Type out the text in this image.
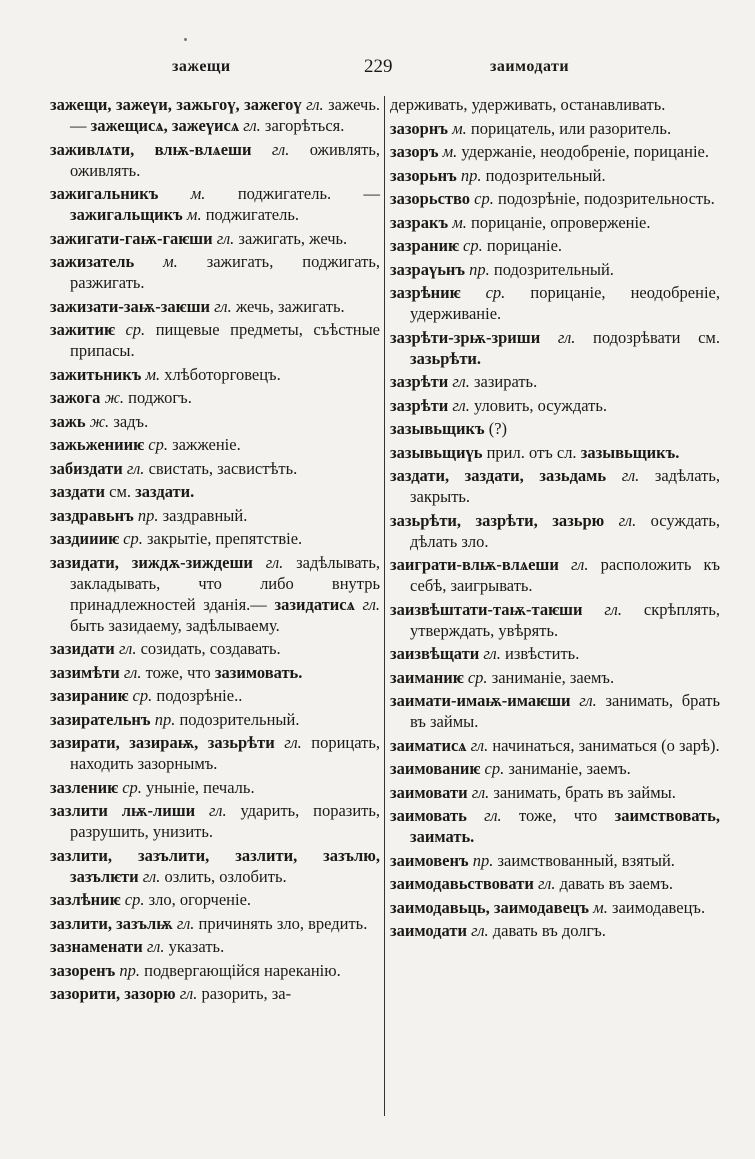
зажещи	229	заимодати

зажещи, зажеүи, зажьгоү, зажегоү гл. зажечь. — зажещисѧ, зажеүисѧ гл. загорѣться.

заживлѧти, влѭ-влѧеши гл. оживлять, оживлять.

зажигальникъ м. поджигатель. — зажигальщикъ м. поджигатель.

зажигати-гаѭ-гаѥши гл. зажигать, жечь.

зажизатель м. зажигать, поджигать, разжигать.

зажизати-заѭ-заѥши гл. жечь, зажигать.

зажитиѥ ср. пищевые предметы, съѣстные припасы.

зажитьникъ м. хлѣботорговецъ.

зажога ж. поджогъ.

зажь ж. задъ.

зажьженииѥ ср. зажженіе.

забиздати гл. свистать, засвистѣть.

заздати см. заздати.

заздравьнъ пр. заздравный.

заздиииѥ ср. закрытіе, препятствіе.

зазидати, зиждѫ-зиждеши гл. задѣлывать, закладывать, что либо внутрь принадлежностей зданія.— зазидатисѧ гл. быть зазидаему, задѣлываему.

зазидати гл. созидать, создавать.

зазимѣти гл. тоже, что зазимовать.

зазираниѥ ср. подозрѣніе..

зазирательнъ пр. подозрительный.

зазирати, зазираѭ, зазьрѣти гл. порицать, находить зазорнымъ.

зазлениѥ ср. уныніе, печаль.

зазлити лѭ-лиши гл. ударить, поразить, разрушить, унизить.

зазлити, зазълити, зазлити, зазълю, зазълѥти гл. озлить, озлобить.

зазлѣниѥ ср. зло, огорченіе.

зазлити, зазълѭ гл. причинять зло, вредить.

зазнаменати гл. указать.

зазоренъ пр. подвергающійся нареканію.

зазорити, зазорю гл. разорить, за-

держивать, удерживать, останавливать.

зазорнъ м. порицатель, или разоритель.

зазоръ м. удержаніе, неодобреніе, порицаніе.

зазорьнъ пр. подозрительный.

зазорьство ср. подозрѣніе, подозрительность.

зазракъ м. порицаніе, опроверженіе.

зазраниѥ ср. порицаніе.

зазраүьнъ пр. подозрительный.

зазрѣниѥ ср. порицаніе, неодобреніе, удерживаніе.

зазрѣти-зрѭ-зриши гл. подозрѣвати см. зазьрѣти.

зазрѣти гл. зазирать.

зазрѣти гл. уловить, осуждать.

зазывьщикъ (?)

зазывьщиүь прил. отъ сл. зазывьщикъ.

заздати, заздати, зазьдамь гл. задѣлать, закрыть.

зазьрѣти, зазрѣти, зазьрю гл. осуждать, дѣлать зло.

заиграти-влѭ-влѧеши гл. расположить къ себѣ, заигрывать.

заизвѣштати-таѭ-таѥши гл. скрѣплять, утверждать, увѣрять.

заизвѣщати гл. извѣстить.

заиманиѥ ср. заниманіе, заемъ.

заимати-имаѭ-имаѥши гл. занимать, брать въ займы.

заиматисѧ гл. начинаться, заниматься (о зарѣ).

заимованиѥ ср. заниманіе, заемъ.

заимовати гл. занимать, брать въ займы.

заимовать гл. тоже, что заимствовать, заимать.

заимовенъ пр. заимствованный, взятый.

заимодавьствовати гл. давать въ заемъ.

заимодавьць, заимодавецъ м. заимодавецъ.

заимодати гл. давать въ долгъ.
